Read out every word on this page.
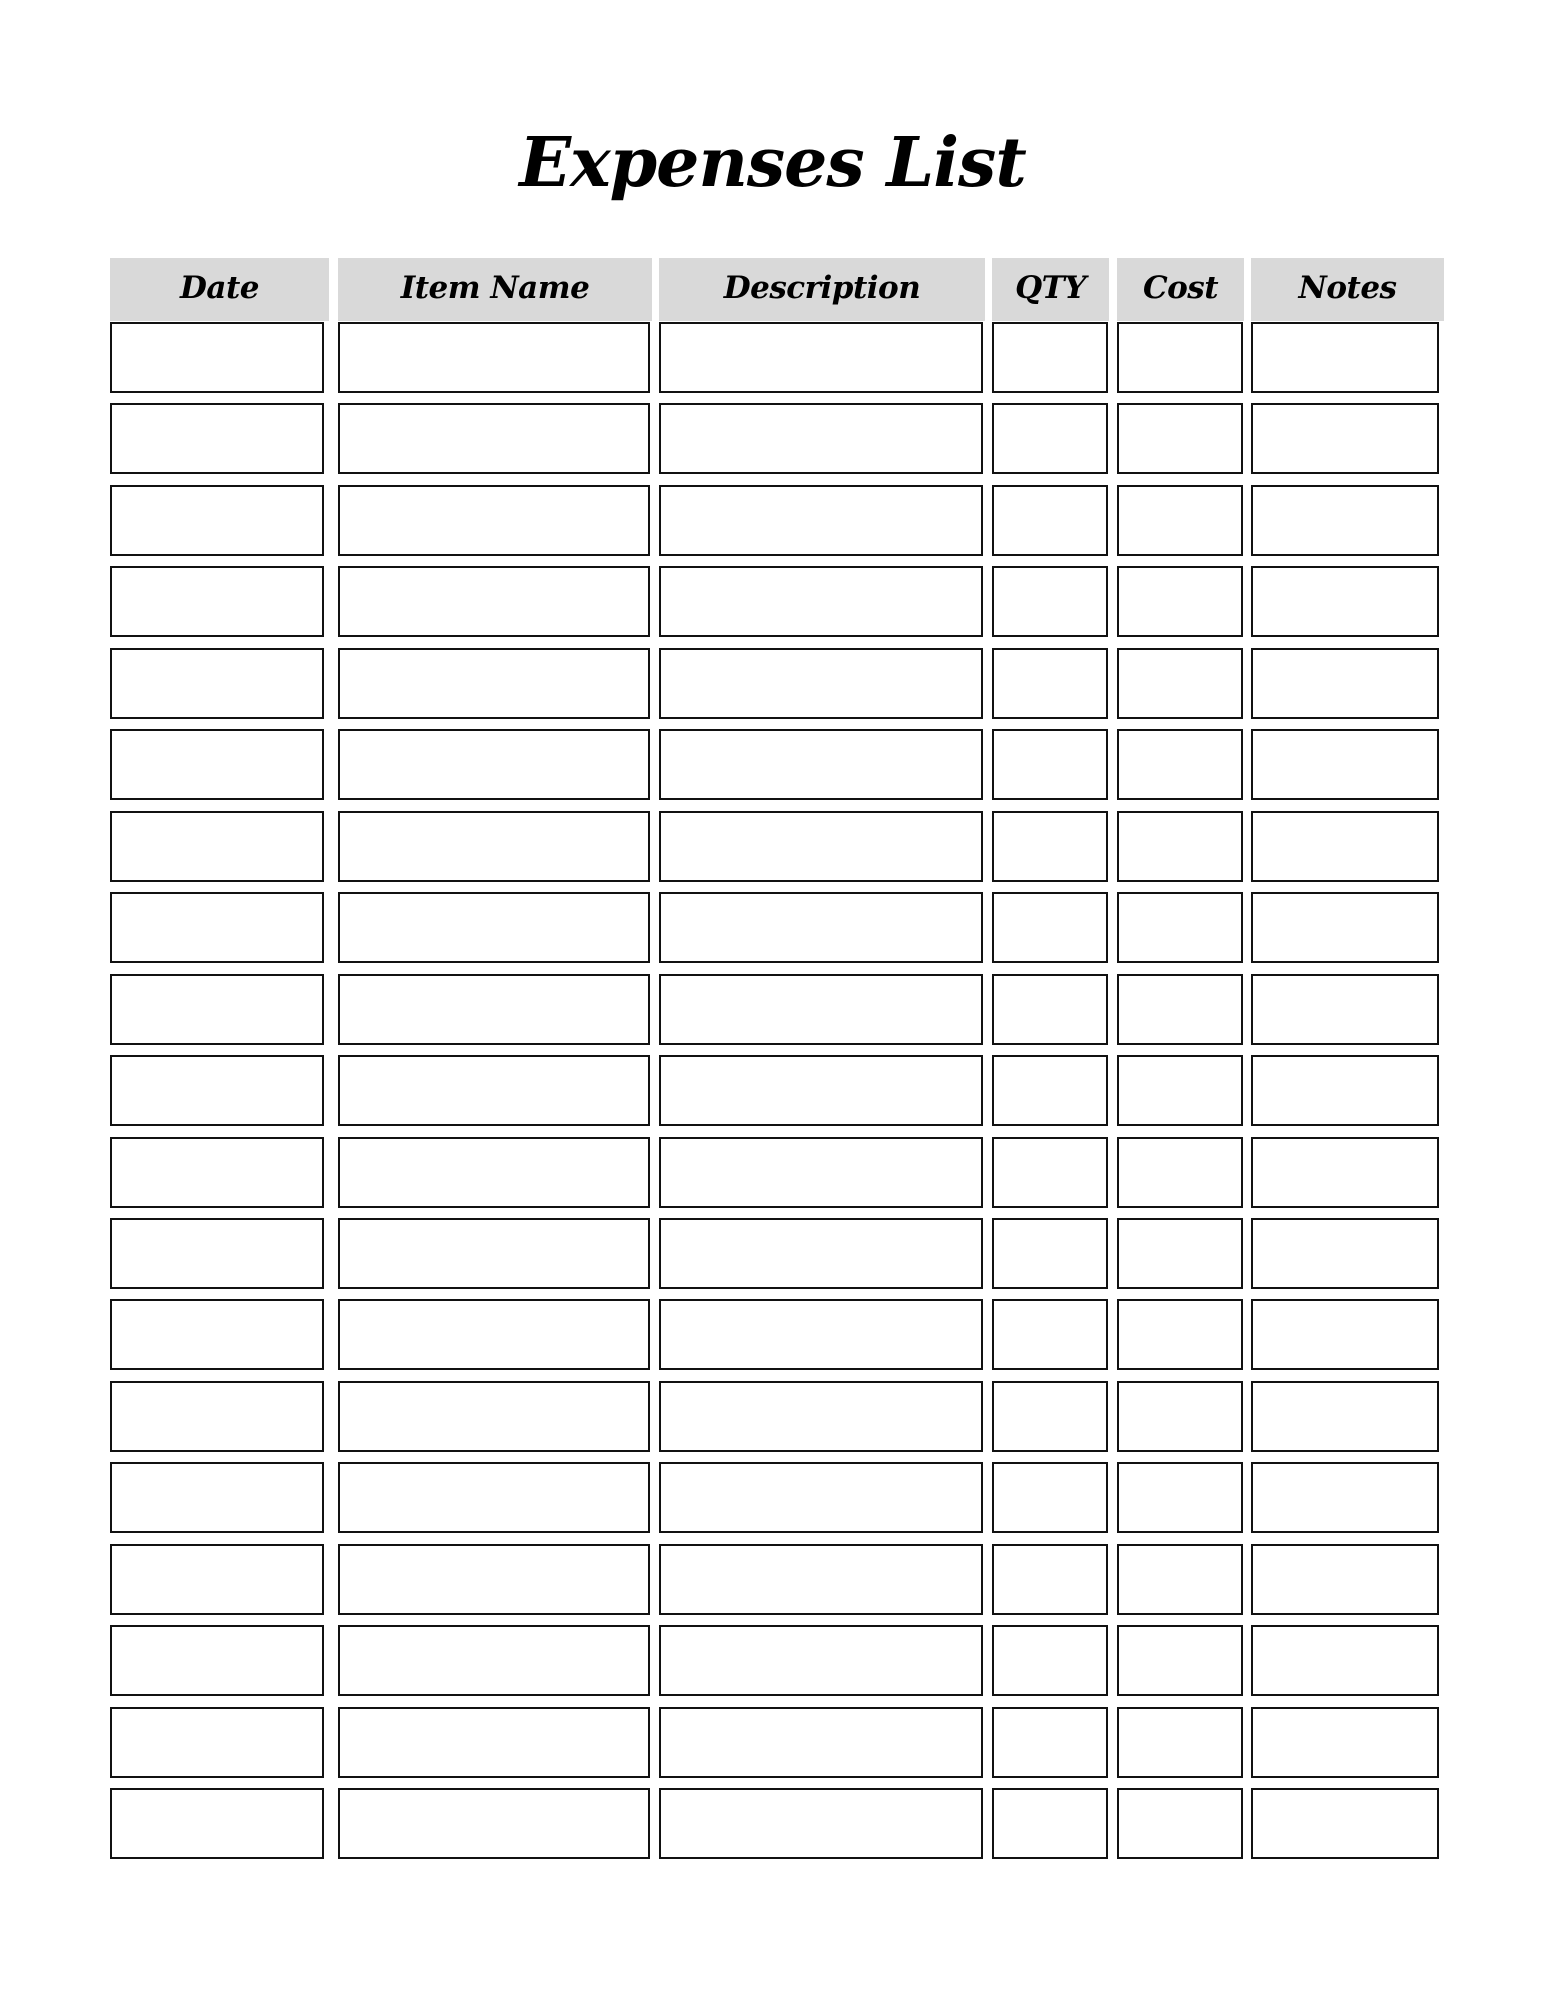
Expenses List
Date	Item Name	Description	QTY	Cost	Notes
